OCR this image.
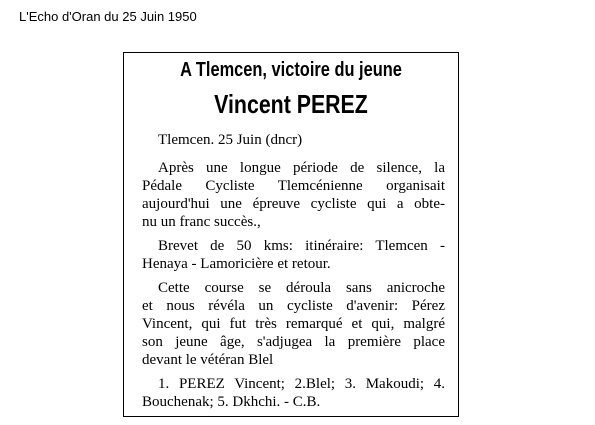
L'Echo d'Oran du 25 Juin 1950
A Tlemcen, victoire du jeune
Vincent PEREZ
Tlemcen. 25 Juin (dncr)
Après une longue période de silence, la
Pédale Cycliste Tlemcénienne organisait
aujourd'hui une épreuve cycliste qui a obte-
nu un franc succès.,
Brevet de 50 kms: itinéraire: Tlemcen -
Henaya - Lamoricière et retour.
Cette course se déroula sans anicroche
et nous révéla un cycliste d'avenir: Pérez
Vincent, qui fut très remarqué et qui, malgré
son jeune âge, s'adjugea la première place
devant le vétéran Blel
1. PEREZ Vincent; 2.Blel; 3. Makoudi; 4.
Bouchenak; 5. Dkhchi. - C.B.
